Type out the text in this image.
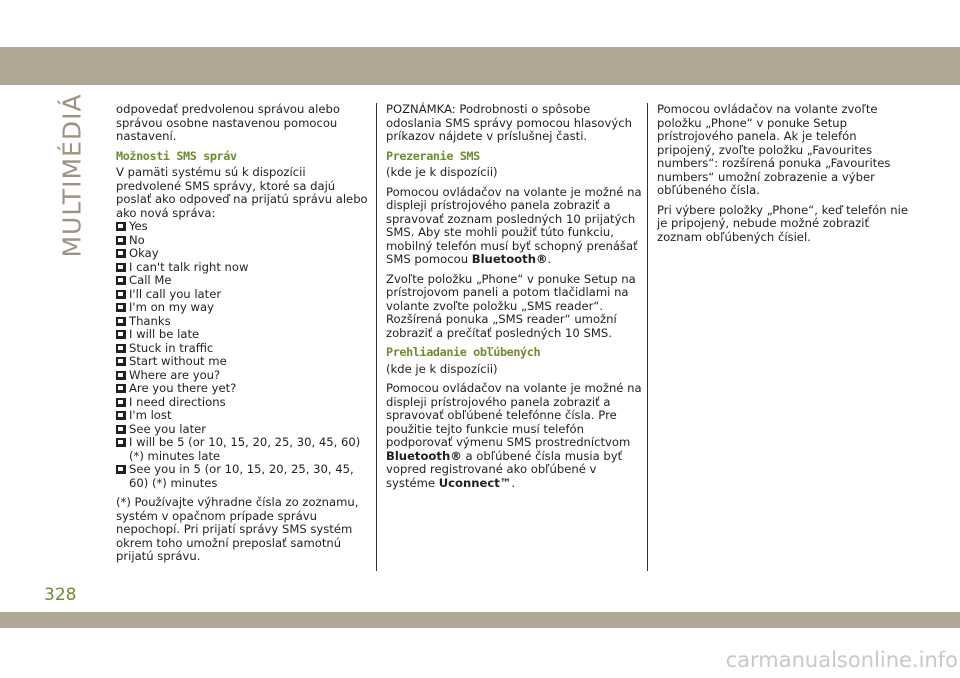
MULTIMÉDIÁ	odpovedať predvolenou správou alebo správou osobne nastavenou pomocou nastavení.

Možnosti SMS správ

V pamäti systému sú k dispozícii predvolené SMS správy, ktoré sa dajú poslať ako odpoveď na prijatú správu alebo ako nová správa:

Yes
No
Okay
I can't talk right now
Call Me
I'll call you later
I'm on my way
Thanks
I will be late
Stuck in traffic
Start without me
Where are you?
Are you there yet?
I need directions
I'm lost
See you later
I will be 5 (or 10, 15, 20, 25, 30, 45, 60) (*) minutes late
See you in 5 (or 10, 15, 20, 25, 30, 45, 60) (*) minutes

(*) Používajte výhradne čísla zo zoznamu, systém v opačnom prípade správu nepochopí. Pri prijatí správy SMS systém okrem toho umožní preposlať samotnú prijatú správu.

POZNÁMKA: Podrobnosti o spôsobe odoslania SMS správy pomocou hlasových príkazov nájdete v príslušnej časti.

Prezeranie SMS

(kde je k dispozícii)

Pomocou ovládačov na volante je možné na displeji prístrojového panela zobraziť a spravovať zoznam posledných 10 prijatých SMS. Aby ste mohli použiť túto funkciu, mobilný telefón musí byť schopný prenášať SMS pomocou Bluetooth®.

Zvoľte položku „Phone“ v ponuke Setup na prístrojovom paneli a potom tlačidlami na volante zvoľte položku „SMS reader“. Rozšírená ponuka „SMS reader“ umožní zobraziť a prečítať posledných 10 SMS.

Prehliadanie obľúbených

(kde je k dispozícii)

Pomocou ovládačov na volante je možné na displeji prístrojového panela zobraziť a spravovať obľúbené telefónne čísla. Pre použitie tejto funkcie musí telefón podporovať výmenu SMS prostredníctvom Bluetooth® a obľúbené čísla musia byť vopred registrované ako obľúbené v systéme Uconnect™.

Pomocou ovládačov na volante zvoľte položku „Phone“ v ponuke Setup prístrojového panela. Ak je telefón pripojený, zvoľte položku „Favourites numbers“: rozšírená ponuka „Favourites numbers“ umožní zobrazenie a výber obľúbeného čísla.

Pri výbere položky „Phone“, keď telefón nie je pripojený, nebude možné zobraziť zoznam obľúbených čísiel.

328
carmanualsonline.info
